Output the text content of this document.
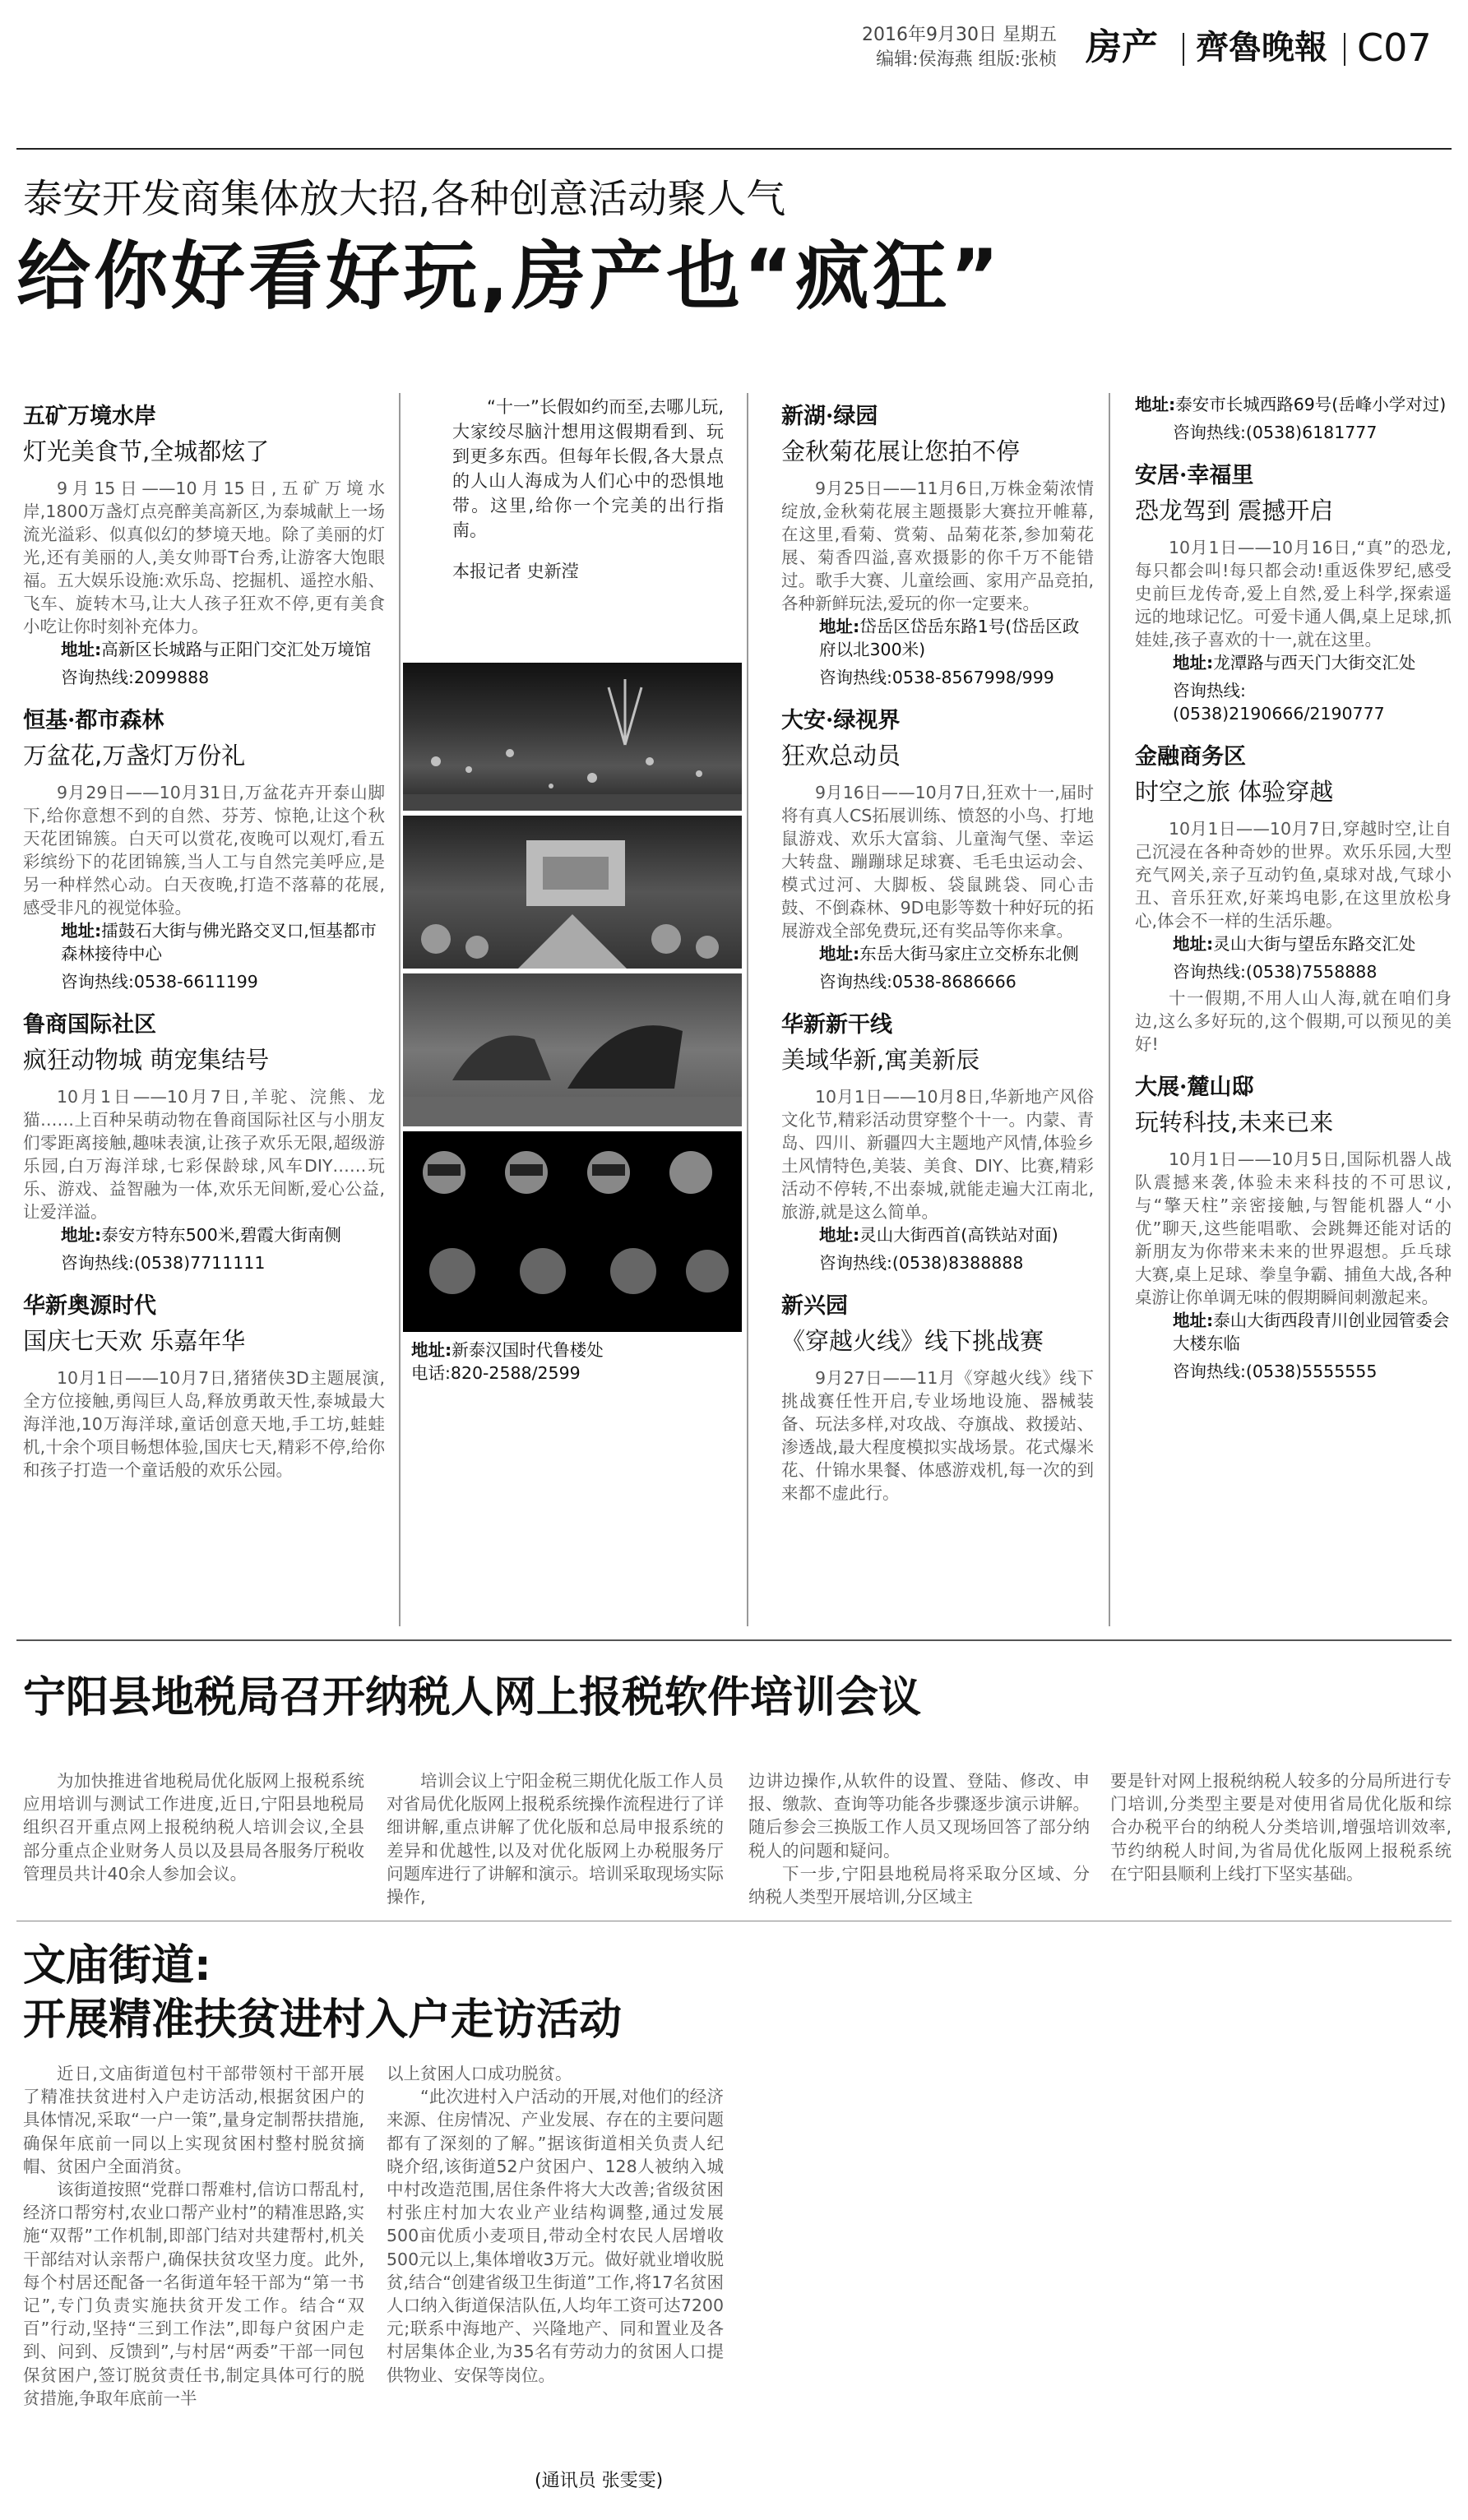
2016年9月30日 星期五
编辑:侯海燕 组版:张桢 房产 齊魯晚報 C07
泰安开发商集体放大招,各种创意活动聚人气
给你好看好玩,房产也“疯狂”
五矿万境水岸
灯光美食节,全城都炫了

9月15日——10月15日,五矿万境水岸,1800万盏灯点亮醉美高新区,为泰城献上一场流光溢彩、似真似幻的梦境天地。除了美丽的灯光,还有美丽的人,美女帅哥T台秀,让游客大饱眼福。五大娱乐设施:欢乐岛、挖掘机、遥控水船、飞车、旋转木马,让大人孩子狂欢不停,更有美食小吃让你时刻补充体力。

地址:高新区长城路与正阳门交汇处万境馆
咨询热线:2099888
恒基·都市森林
万盆花,万盏灯万份礼

9月29日——10月31日,万盆花卉开泰山脚下,给你意想不到的自然、芬芳、惊艳,让这个秋天花团锦簇。白天可以赏花,夜晚可以观灯,看五彩缤纷下的花团锦簇,当人工与自然完美呼应,是另一种样然心动。白天夜晚,打造不落幕的花展,感受非凡的视觉体验。

地址:擂鼓石大街与佛光路交叉口,恒基都市森林接待中心
咨询热线:0538-6611199
鲁商国际社区
疯狂动物城 萌宠集结号

10月1日——10月7日,羊驼、浣熊、龙猫……上百种呆萌动物在鲁商国际社区与小朋友们零距离接触,趣味表演,让孩子欢乐无限,超级游乐园,白万海洋球,七彩保龄球,风车DIY……玩乐、游戏、益智融为一体,欢乐无间断,爱心公益,让爱洋溢。

地址:泰安方特东500米,碧霞大街南侧
咨询热线:(0538)7711111
华新奥源时代
国庆七天欢 乐嘉年华

10月1日——10月7日,猪猪侠3D主题展演,全方位接触,勇闯巨人岛,释放勇敢天性,泰城最大海洋池,10万海洋球,童话创意天地,手工坊,蛙蛙机,十余个项目畅想体验,国庆七天,精彩不停,给你和孩子打造一个童话般的欢乐公园。

“十一”长假如约而至,去哪儿玩,大家绞尽脑汁想用这假期看到、玩到更多东西。但每年长假,各大景点的人山人海成为人们心中的恐惧地带。这里,给你一个完美的出行指南。

本报记者 史新滢
地址:新泰汉国时代鲁楼处
电话:820-2588/2599
新湖·绿园
金秋菊花展让您拍不停

9月25日——11月6日,万株金菊浓情绽放,金秋菊花展主题摄影大赛拉开帷幕,在这里,看菊、赏菊、品菊花茶,参加菊花展、菊香四溢,喜欢摄影的你千万不能错过。歌手大赛、儿童绘画、家用产品竞拍,各种新鲜玩法,爱玩的你一定要来。

地址:岱岳区岱岳东路1号(岱岳区政府以北300米)
咨询热线:0538-8567998/999
大安·绿视界
狂欢总动员

9月16日——10月7日,狂欢十一,届时将有真人CS拓展训练、愤怒的小鸟、打地鼠游戏、欢乐大富翁、儿童淘气堡、幸运大转盘、蹦蹦球足球赛、毛毛虫运动会、模式过河、大脚板、袋鼠跳袋、同心击鼓、不倒森林、9D电影等数十种好玩的拓展游戏全部免费玩,还有奖品等你来拿。

地址:东岳大街马家庄立交桥东北侧
咨询热线:0538-8686666
华新新干线
美域华新,寓美新辰

10月1日——10月8日,华新地产风俗文化节,精彩活动贯穿整个十一。内蒙、青岛、四川、新疆四大主题地产风情,体验乡土风情特色,美装、美食、DIY、比赛,精彩活动不停转,不出泰城,就能走遍大江南北,旅游,就是这么简单。

地址:灵山大街西首(高铁站对面)
咨询热线:(0538)8388888
新兴园
《穿越火线》线下挑战赛

9月27日——11月《穿越火线》线下挑战赛任性开启,专业场地设施、器械装备、玩法多样,对攻战、夺旗战、救援站、渗透战,最大程度模拟实战场景。花式爆米花、什锦水果餐、体感游戏机,每一次的到来都不虚此行。

地址:泰安市长城西路69号(岳峰小学对过)
咨询热线:(0538)6181777
安居·幸福里
恐龙驾到 震撼开启

10月1日——10月16日,“真”的恐龙,每只都会叫!每只都会动!重返侏罗纪,感受史前巨龙传奇,爱上自然,爱上科学,探索遥远的地球记忆。可爱卡通人偶,桌上足球,抓娃娃,孩子喜欢的十一,就在这里。

地址:龙潭路与西天门大街交汇处
咨询热线:(0538)2190666/2190777
金融商务区
时空之旅 体验穿越

10月1日——10月7日,穿越时空,让自己沉浸在各种奇妙的世界。欢乐乐园,大型充气网关,亲子互动钓鱼,桌球对战,气球小丑、音乐狂欢,好莱坞电影,在这里放松身心,体会不一样的生活乐趣。

地址:灵山大街与望岳东路交汇处
咨询热线:(0538)7558888

十一假期,不用人山人海,就在咱们身边,这么多好玩的,这个假期,可以预见的美好!

大展·麓山邸
玩转科技,未来已来

10月1日——10月5日,国际机器人战队震撼来袭,体验未来科技的不可思议,与“擎天柱”亲密接触,与智能机器人“小优”聊天,这些能唱歌、会跳舞还能对话的新朋友为你带来未来的世界遐想。乒乓球大赛,桌上足球、拳皇争霸、捕鱼大战,各种桌游让你单调无味的假期瞬间刺激起来。

地址:泰山大街西段青川创业园管委会大楼东临
咨询热线:(0538)5555555
宁阳县地税局召开纳税人网上报税软件培训会议

为加快推进省地税局优化版网上报税系统应用培训与测试工作进度,近日,宁阳县地税局组织召开重点网上报税纳税人培训会议,全县部分重点企业财务人员以及县局各服务厅税收管理员共计40余人参加会议。

培训会议上宁阳金税三期优化版工作人员对省局优化版网上报税系统操作流程进行了详细讲解,重点讲解了优化版和总局申报系统的差异和优越性,以及对优化版网上办税服务厅问题库进行了讲解和演示。培训采取现场实际操作,

边讲边操作,从软件的设置、登陆、修改、申报、缴款、查询等功能各步骤逐步演示讲解。随后参会三换版工作人员又现场回答了部分纳税人的问题和疑问。

下一步,宁阳县地税局将采取分区域、分纳税人类型开展培训,分区域主

要是针对网上报税纳税人较多的分局所进行专门培训,分类型主要是对使用省局优化版和综合办税平台的纳税人分类培训,增强培训效率,节约纳税人时间,为省局优化版网上报税系统在宁阳县顺利上线打下坚实基础。

文庙街道:
开展精准扶贫进村入户走访活动

近日,文庙街道包村干部带领村干部开展了精准扶贫进村入户走访活动,根据贫困户的具体情况,采取“一户一策”,量身定制帮扶措施,确保年底前一同以上实现贫困村整村脱贫摘帽、贫困户全面消贫。

该街道按照“党群口帮难村,信访口帮乱村,经济口帮穷村,农业口帮产业村”的精准思路,实施“双帮”工作机制,即部门结对共建帮村,机关干部结对认亲帮户,确保扶贫攻坚力度。此外,每个村居还配备一名街道年轻干部为“第一书记”,专门负责实施扶贫开发工作。结合“双百”行动,坚持“三到工作法”,即每户贫困户走到、问到、反馈到”,与村居“两委”干部一同包保贫困户,签订脱贫责任书,制定具体可行的脱贫措施,争取年底前一半

以上贫困人口成功脱贫。

“此次进村入户活动的开展,对他们的经济来源、住房情况、产业发展、存在的主要问题都有了深刻的了解。”据该街道相关负责人纪晓介绍,该街道52户贫困户、128人被纳入城中村改造范围,居住条件将大大改善;省级贫困村张庄村加大农业产业结构调整,通过发展500亩优质小麦项目,带动全村农民人居增收500元以上,集体增收3万元。做好就业增收脱贫,结合“创建省级卫生街道”工作,将17名贫困人口纳入街道保洁队伍,人均年工资可达7200元;联系中海地产、兴隆地产、同和置业及各村居集体企业,为35名有劳动力的贫困人口提供物业、安保等岗位。

(通讯员 张雯雯)
